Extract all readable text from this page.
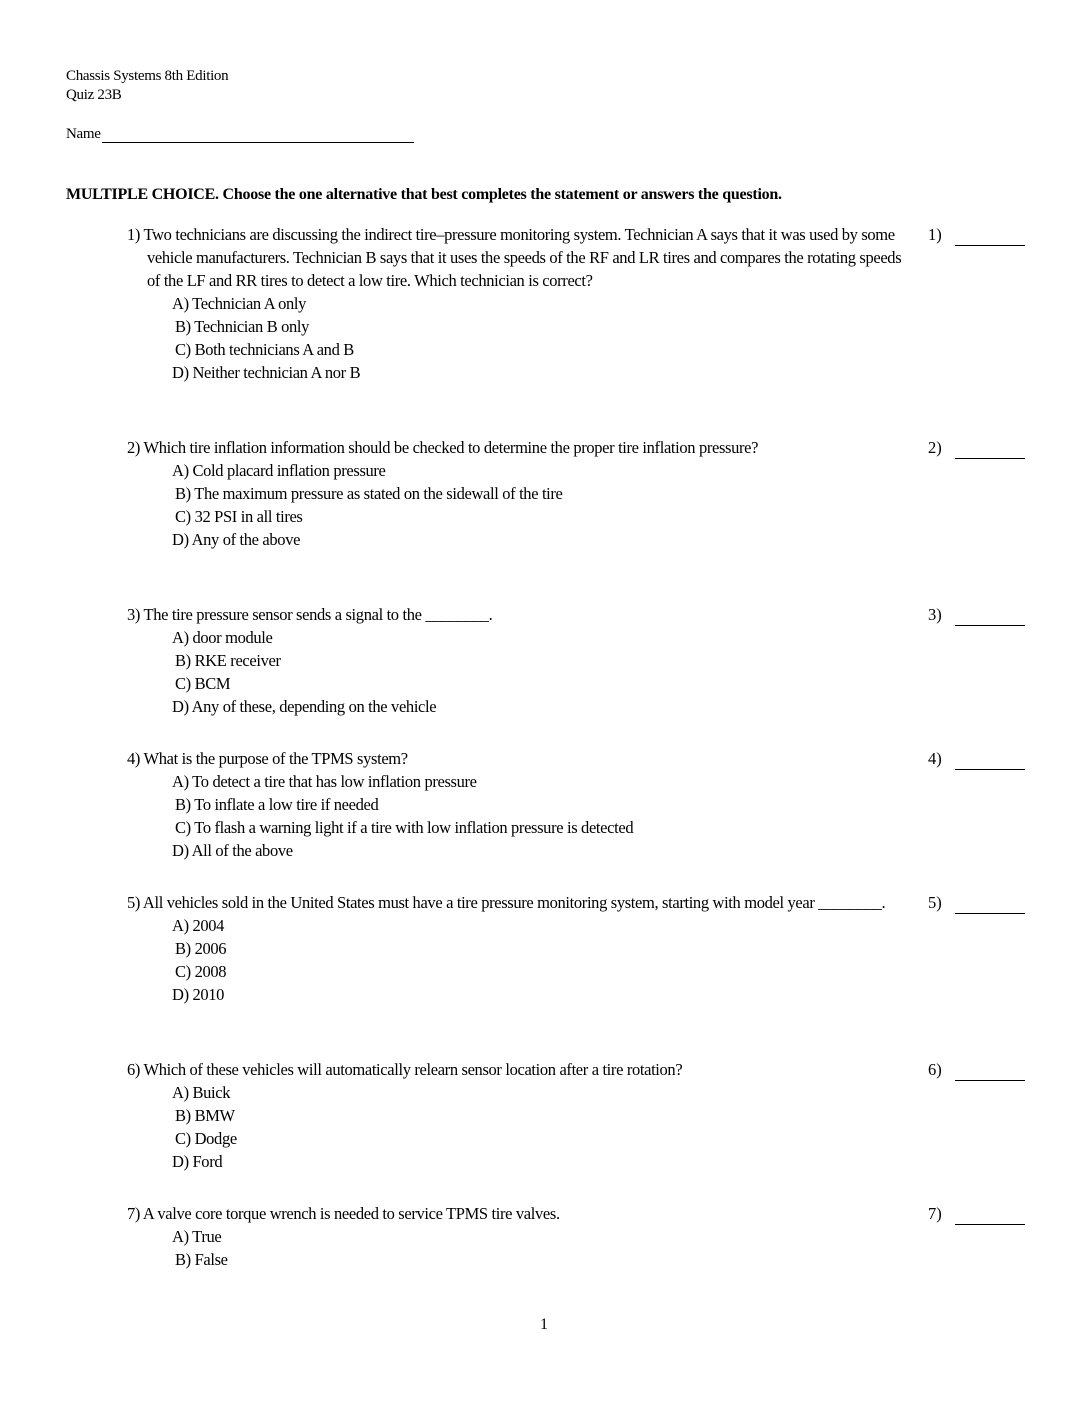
Chassis Systems 8th Edition
Quiz 23B
Name
MULTIPLE CHOICE. Choose the one alternative that best completes the statement or answers the question.
1) Two technicians are discussing the indirect tire–pressure monitoring system. Technician A says that it was used by some vehicle manufacturers. Technician B says that it uses the speeds of the RF and LR tires and compares the rotating speeds of the LF and RR tires to detect a low tire. Which technician is correct?
A) Technician A only
B) Technician B only
C) Both technicians A and B
D) Neither technician A nor B
1)
2) Which tire inflation information should be checked to determine the proper tire inflation pressure?
A) Cold placard inflation pressure
B) The maximum pressure as stated on the sidewall of the tire
C) 32 PSI in all tires
D) Any of the above
2)
3) The tire pressure sensor sends a signal to the ________.
A) door module
B) RKE receiver
C) BCM
D) Any of these, depending on the vehicle
3)
4) What is the purpose of the TPMS system?
A) To detect a tire that has low inflation pressure
B) To inflate a low tire if needed
C) To flash a warning light if a tire with low inflation pressure is detected
D) All of the above
4)
5) All vehicles sold in the United States must have a tire pressure monitoring system, starting with model year ________.
A) 2004
B) 2006
C) 2008
D) 2010
5)
6) Which of these vehicles will automatically relearn sensor location after a tire rotation?
A) Buick
B) BMW
C) Dodge
D) Ford
6)
7) A valve core torque wrench is needed to service TPMS tire valves.
A) True
B) False
7)
1
